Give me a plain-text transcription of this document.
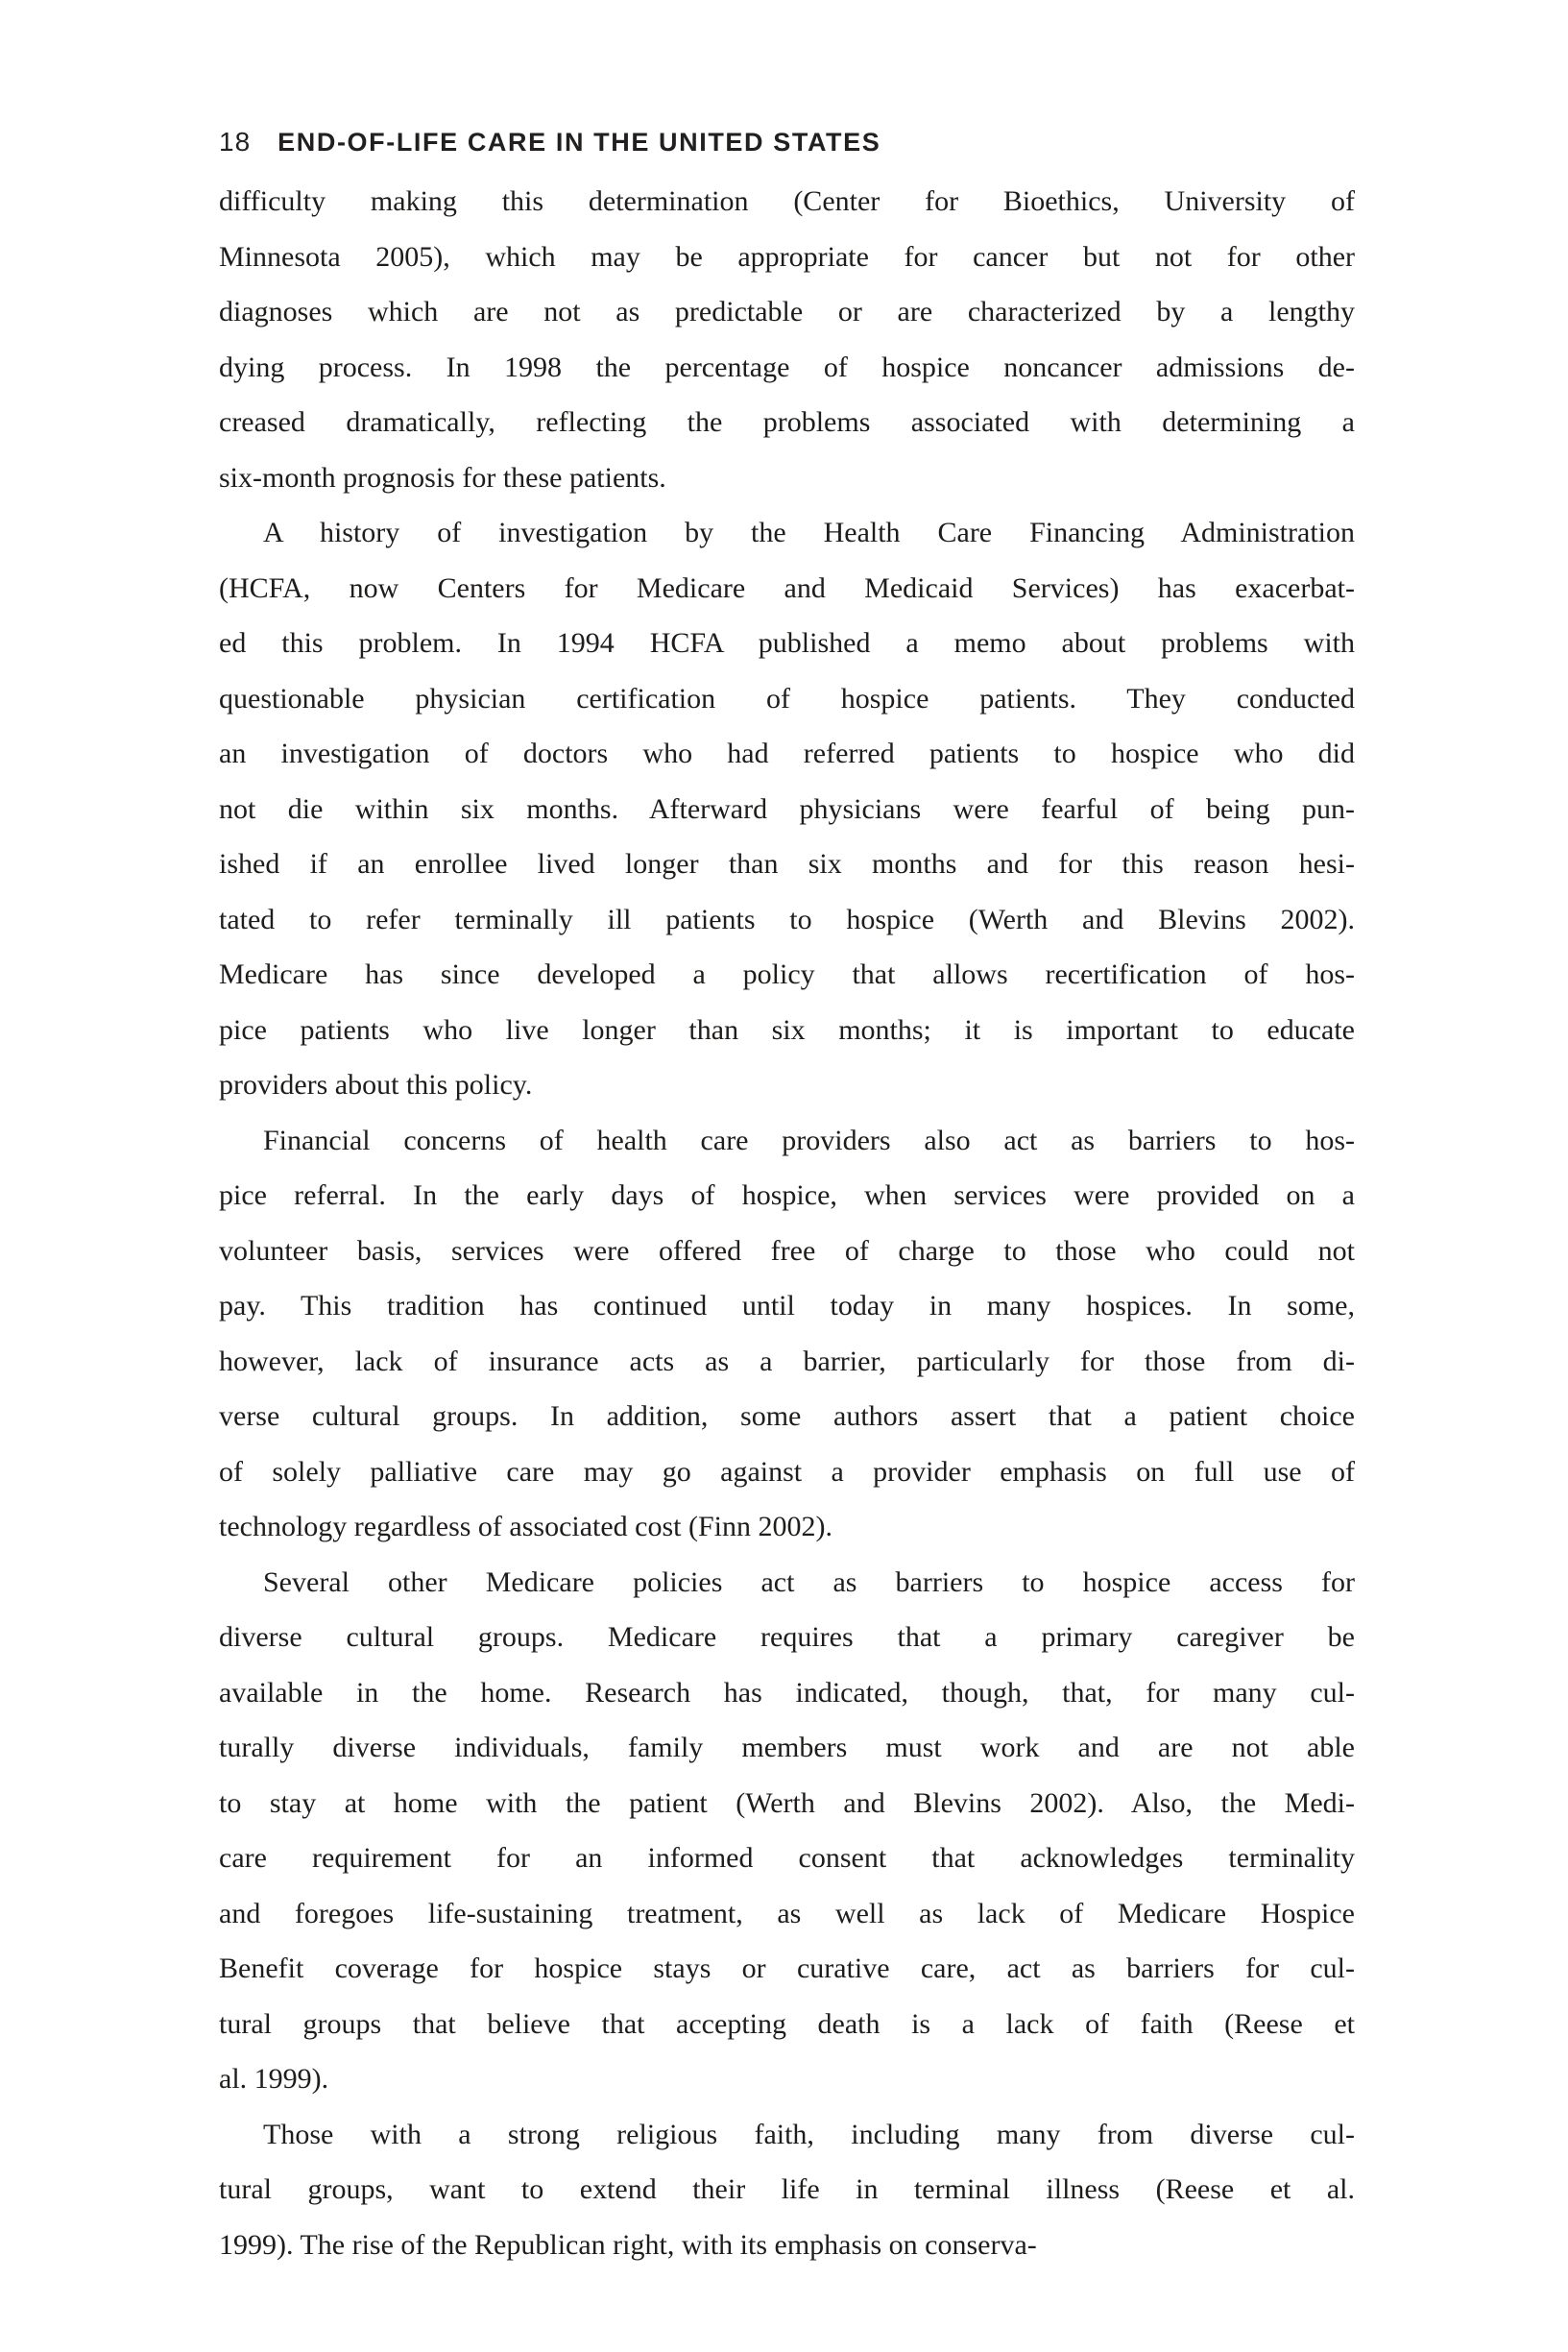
18 END-OF-LIFE CARE IN THE UNITED STATES
difficulty making this determination (Center for Bioethics, University of
Minnesota 2005), which may be appropriate for cancer but not for other
diagnoses which are not as predictable or are characterized by a lengthy
dying process. In 1998 the percentage of hospice noncancer admissions de-
creased dramatically, reflecting the problems associated with determining a
six-month prognosis for these patients.
A history of investigation by the Health Care Financing Administration
(HCFA, now Centers for Medicare and Medicaid Services) has exacerbat-
ed this problem. In 1994 HCFA published a memo about problems with
questionable physician certification of hospice patients. They conducted
an investigation of doctors who had referred patients to hospice who did
not die within six months. Afterward physicians were fearful of being pun-
ished if an enrollee lived longer than six months and for this reason hesi-
tated to refer terminally ill patients to hospice (Werth and Blevins 2002).
Medicare has since developed a policy that allows recertification of hos-
pice patients who live longer than six months; it is important to educate
providers about this policy.
Financial concerns of health care providers also act as barriers to hos-
pice referral. In the early days of hospice, when services were provided on a
volunteer basis, services were offered free of charge to those who could not
pay. This tradition has continued until today in many hospices. In some,
however, lack of insurance acts as a barrier, particularly for those from di-
verse cultural groups. In addition, some authors assert that a patient choice
of solely palliative care may go against a provider emphasis on full use of
technology regardless of associated cost (Finn 2002).
Several other Medicare policies act as barriers to hospice access for
diverse cultural groups. Medicare requires that a primary caregiver be
available in the home. Research has indicated, though, that, for many cul-
turally diverse individuals, family members must work and are not able
to stay at home with the patient (Werth and Blevins 2002). Also, the Medi-
care requirement for an informed consent that acknowledges terminality
and foregoes life-sustaining treatment, as well as lack of Medicare Hospice
Benefit coverage for hospice stays or curative care, act as barriers for cul-
tural groups that believe that accepting death is a lack of faith (Reese et
al. 1999).
Those with a strong religious faith, including many from diverse cul-
tural groups, want to extend their life in terminal illness (Reese et al.
1999). The rise of the Republican right, with its emphasis on conserva-
